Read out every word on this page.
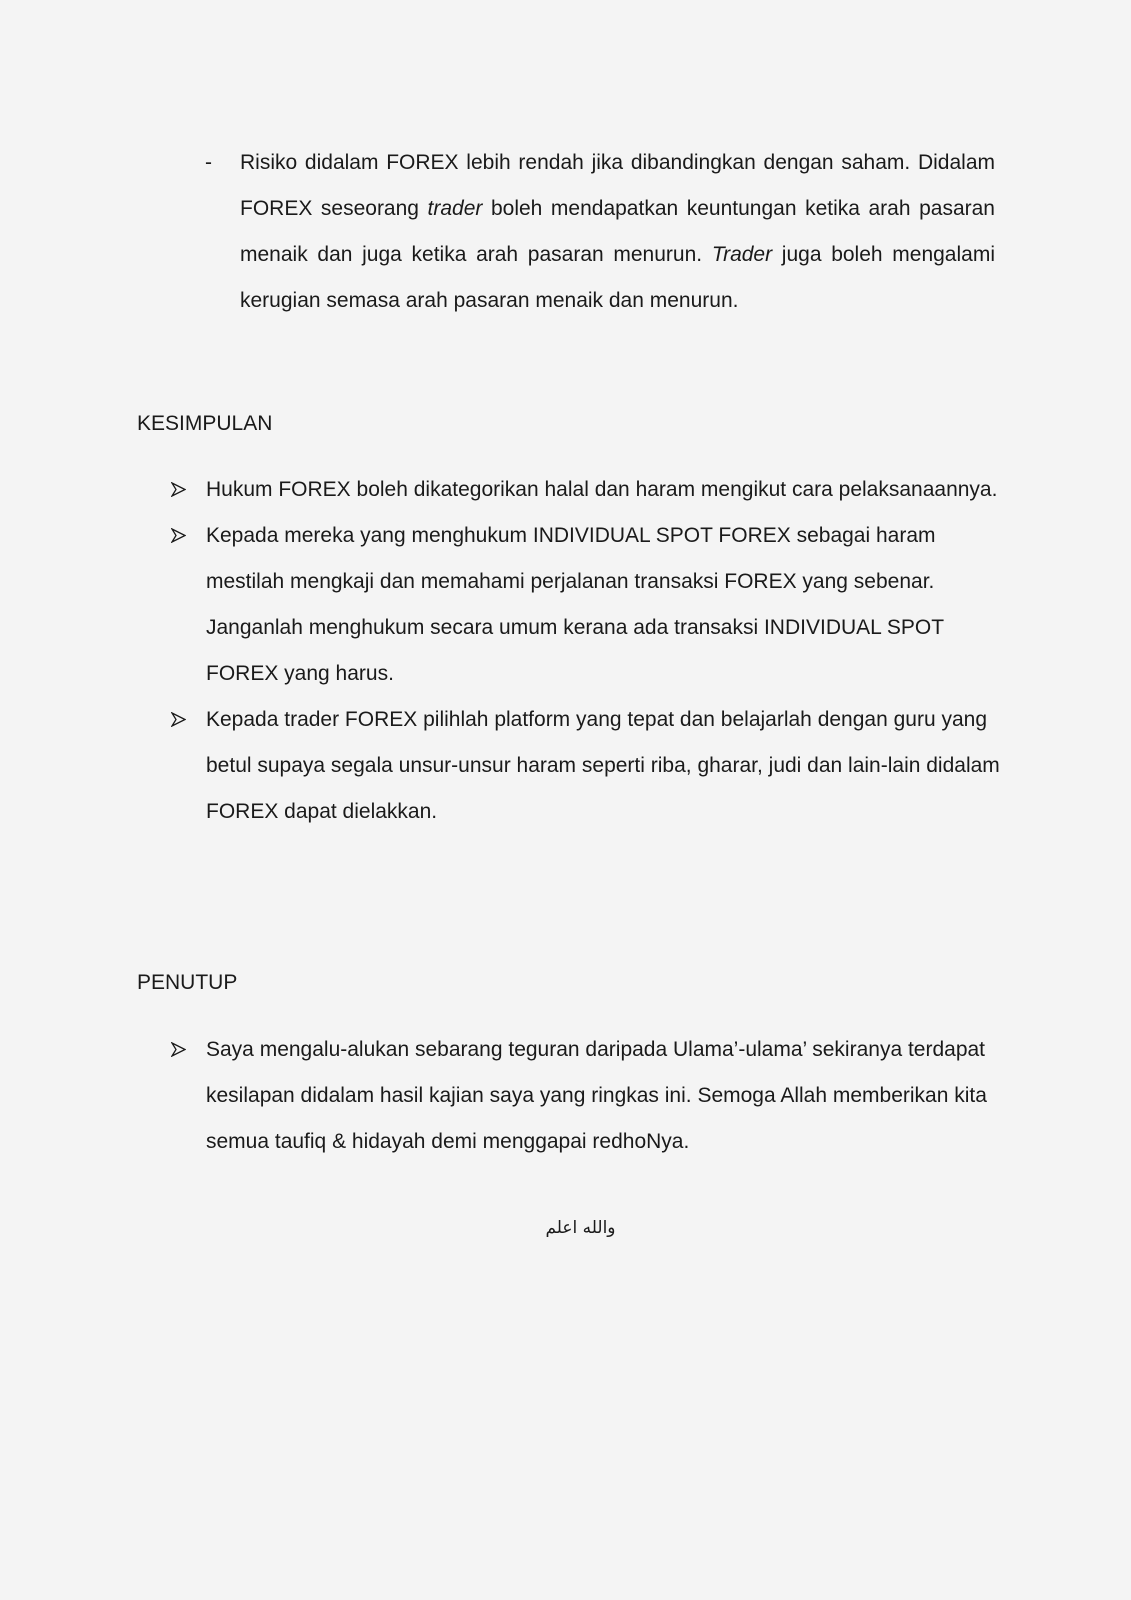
- Risiko didalam FOREX lebih rendah jika dibandingkan dengan saham. Didalam FOREX seseorang trader boleh mendapatkan keuntungan ketika arah pasaran menaik dan juga ketika arah pasaran menurun. Trader juga boleh mengalami kerugian semasa arah pasaran menaik dan menurun.

KESIMPULAN
Hukum FOREX boleh dikategorikan halal dan haram mengikut cara pelaksanaannya.
Kepada mereka yang menghukum INDIVIDUAL SPOT FOREX sebagai haram mestilah mengkaji dan memahami perjalanan transaksi FOREX yang sebenar. Janganlah menghukum secara umum kerana ada transaksi INDIVIDUAL SPOT FOREX yang harus.
Kepada trader FOREX pilihlah platform yang tepat dan belajarlah dengan guru yang betul supaya segala unsur-unsur haram seperti riba, gharar, judi dan lain-lain didalam FOREX dapat dielakkan.
PENUTUP
Saya mengalu-alukan sebarang teguran daripada Ulama’-ulama’ sekiranya terdapat kesilapan didalam hasil kajian saya yang ringkas ini. Semoga Allah memberikan kita semua taufiq & hidayah demi menggapai redhoNya.
والله اعلم
